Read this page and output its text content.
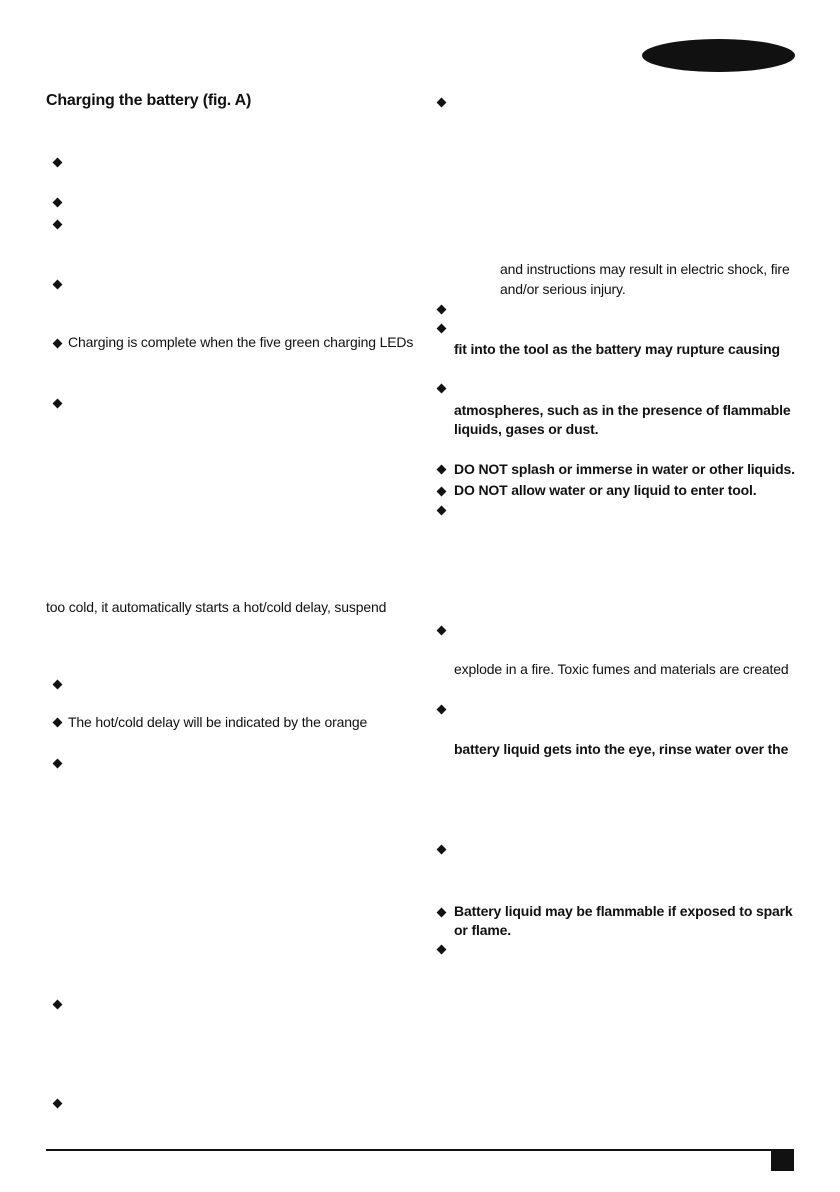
Charging the battery (fig. A)
Charging is complete when the five green charging LEDs
too cold, it automatically starts a hot/cold delay, suspend
The hot/cold delay will be indicated by the orange
and instructions may result in electric shock, fire
and/or serious injury.
fit into the tool as the battery may rupture causing
atmospheres, such as in the presence of flammable
liquids, gases or dust.
DO NOT splash or immerse in water or other liquids.
DO NOT allow water or any liquid to enter tool.
explode in a fire. Toxic fumes and materials are created
battery liquid gets into the eye, rinse water over the
Battery liquid may be flammable if exposed to spark
or flame.
